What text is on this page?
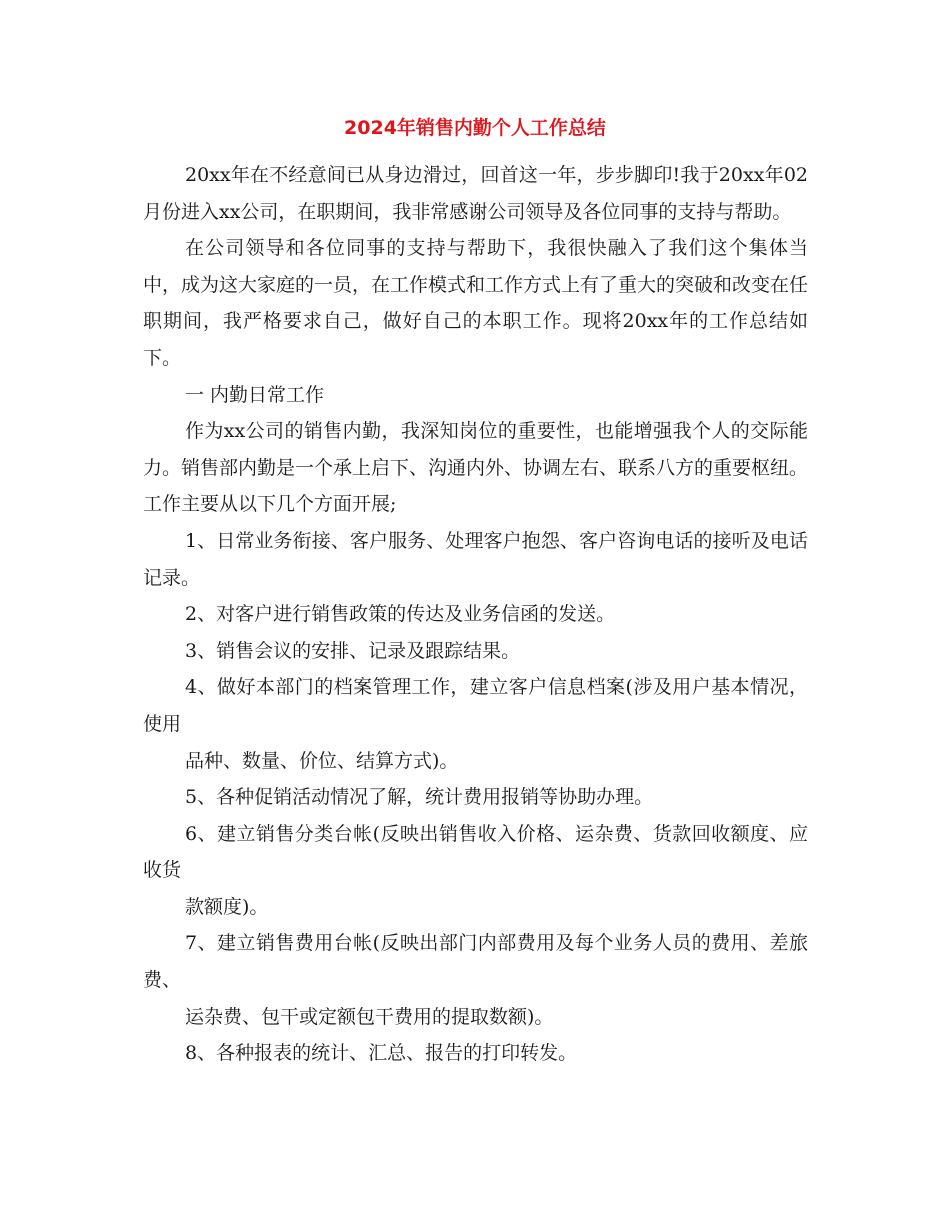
2024年销售内勤个人工作总结

20xx年在不经意间已从身边滑过，回首这一年，步步脚印!我于20xx年02月份进入xx公司，在职期间，我非常感谢公司领导及各位同事的支持与帮助。

在公司领导和各位同事的支持与帮助下，我很快融入了我们这个集体当中，成为这大家庭的一员，在工作模式和工作方式上有了重大的突破和改变在任职期间，我严格要求自己，做好自己的本职工作。现将20xx年的工作总结如下。

一 内勤日常工作

作为xx公司的销售内勤，我深知岗位的重要性，也能增强我个人的交际能力。销售部内勤是一个承上启下、沟通内外、协调左右、联系八方的重要枢纽。工作主要从以下几个方面开展;

1、日常业务衔接、客户服务、处理客户抱怨、客户咨询电话的接听及电话记录。

2、对客户进行销售政策的传达及业务信函的发送。

3、销售会议的安排、记录及跟踪结果。

4、做好本部门的档案管理工作，建立客户信息档案(涉及用户基本情况，使用

品种、数量、价位、结算方式)。

5、各种促销活动情况了解，统计费用报销等协助办理。

6、建立销售分类台帐(反映出销售收入价格、运杂费、货款回收额度、应收货

款额度)。

7、建立销售费用台帐(反映出部门内部费用及每个业务人员的费用、差旅费、

运杂费、包干或定额包干费用的提取数额)。

8、各种报表的统计、汇总、报告的打印转发。
